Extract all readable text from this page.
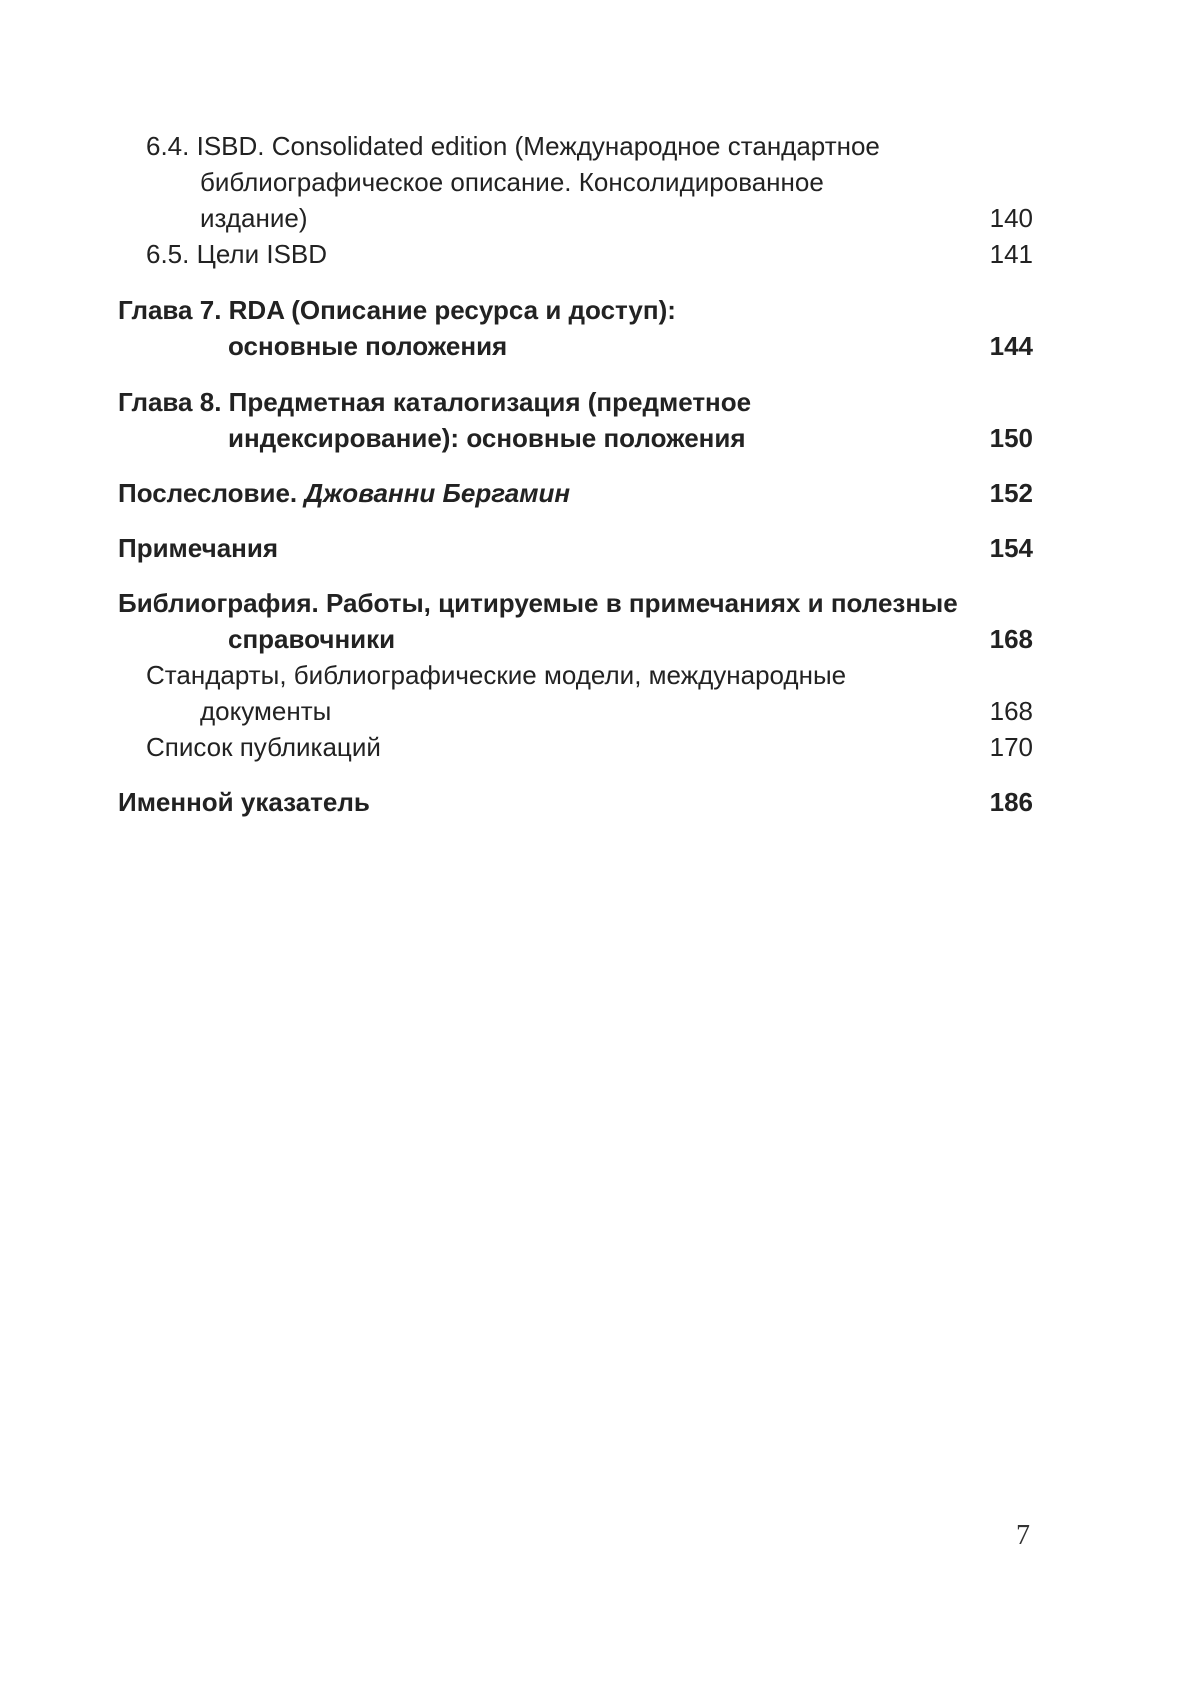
6.4. ISBD. Consolidated edition (Международное стандартное
библиографическое описание. Консолидированное
издание)	140
6.5. Цели ISBD	141
Глава 7. RDA (Описание ресурса и доступ):
основные положения	144
Глава 8. Предметная каталогизация (предметное
индексирование): основные положения	150
Послесловие. Джованни Бергамин	152
Примечания	154
Библиография. Работы, цитируемые в примечаниях и полезные
справочники	168
Стандарты, библиографические модели, международные
документы	168
Список публикаций	170
Именной указатель	186
7
